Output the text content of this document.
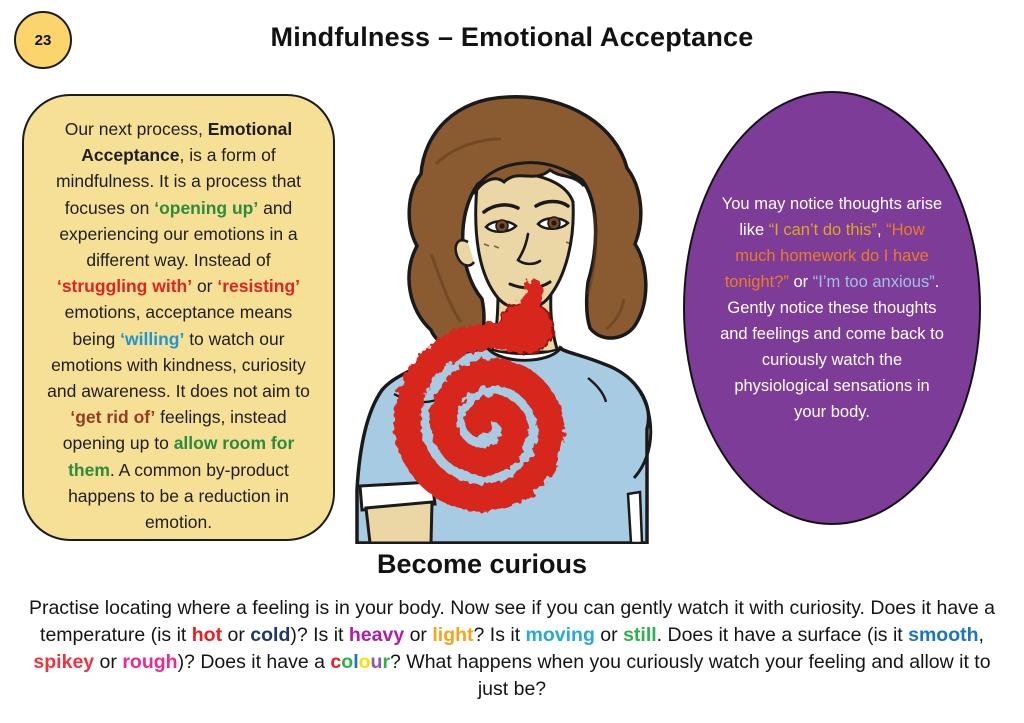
23	Mindfulness – Emotional Acceptance

Our next process, Emotional Acceptance, is a form of mindfulness. It is a process that focuses on ‘opening up’ and experiencing our emotions in a different way. Instead of ‘struggling with’ or ‘resisting’ emotions, acceptance means being ‘willing’ to watch our emotions with kindness, curiosity and awareness. It does not aim to ‘get rid of’ feelings, instead opening up to allow room for them. A common by-product happens to be a reduction in emotion.

You may notice thoughts arise like “I can’t do this”, “How much homework do I have tonight?” or “I’m too anxious”. Gently notice these thoughts and feelings and come back to curiously watch the physiological sensations in your body.

Become curious

Practise locating where a feeling is in your body. Now see if you can gently watch it with curiosity. Does it have a temperature (is it hot or cold)? Is it heavy or light? Is it moving or still. Does it have a surface (is it smooth, spikey or rough)? Does it have a colour? What happens when you curiously watch your feeling and allow it to just be?
